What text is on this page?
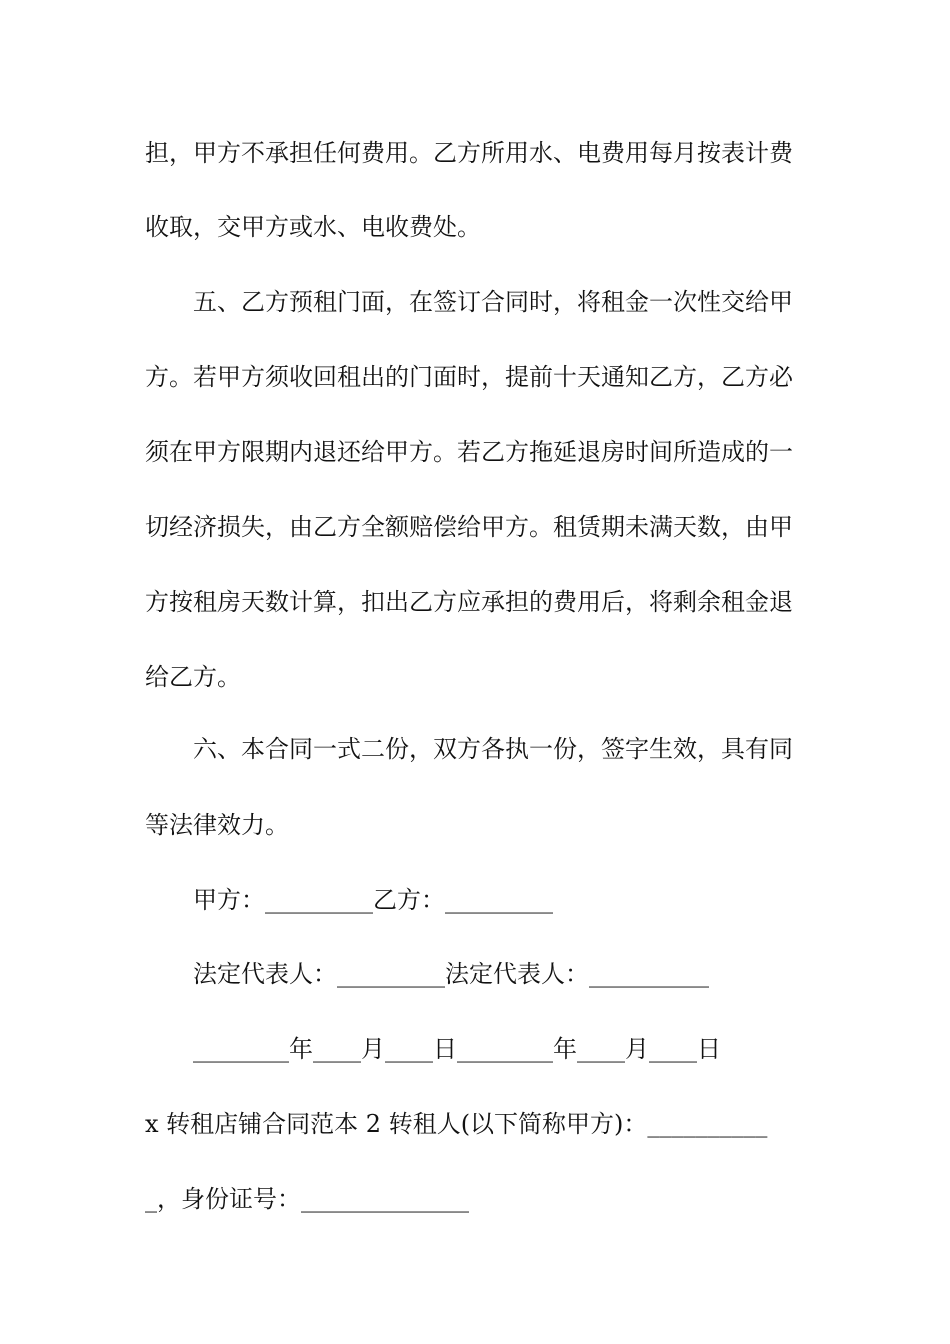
担，甲方不承担任何费用。乙方所用水、电费用每月按表计费
收取，交甲方或水、电收费处。
五、乙方预租门面，在签订合同时，将租金一次性交给甲
方。若甲方须收回租出的门面时，提前十天通知乙方，乙方必
须在甲方限期内退还给甲方。若乙方拖延退房时间所造成的一
切经济损失，由乙方全额赔偿给甲方。租赁期未满天数，由甲
方按租房天数计算，扣出乙方应承担的费用后，将剩余租金退
给乙方。
六、本合同一式二份，双方各执一份，签字生效，具有同
等法律效力。
甲方：_________乙方：_________
法定代表人：_________法定代表人：__________
________年____月____日________年____月____日
x 转租店铺合同范本 2 转租人(以下简称甲方)：__________
_，身份证号：______________
